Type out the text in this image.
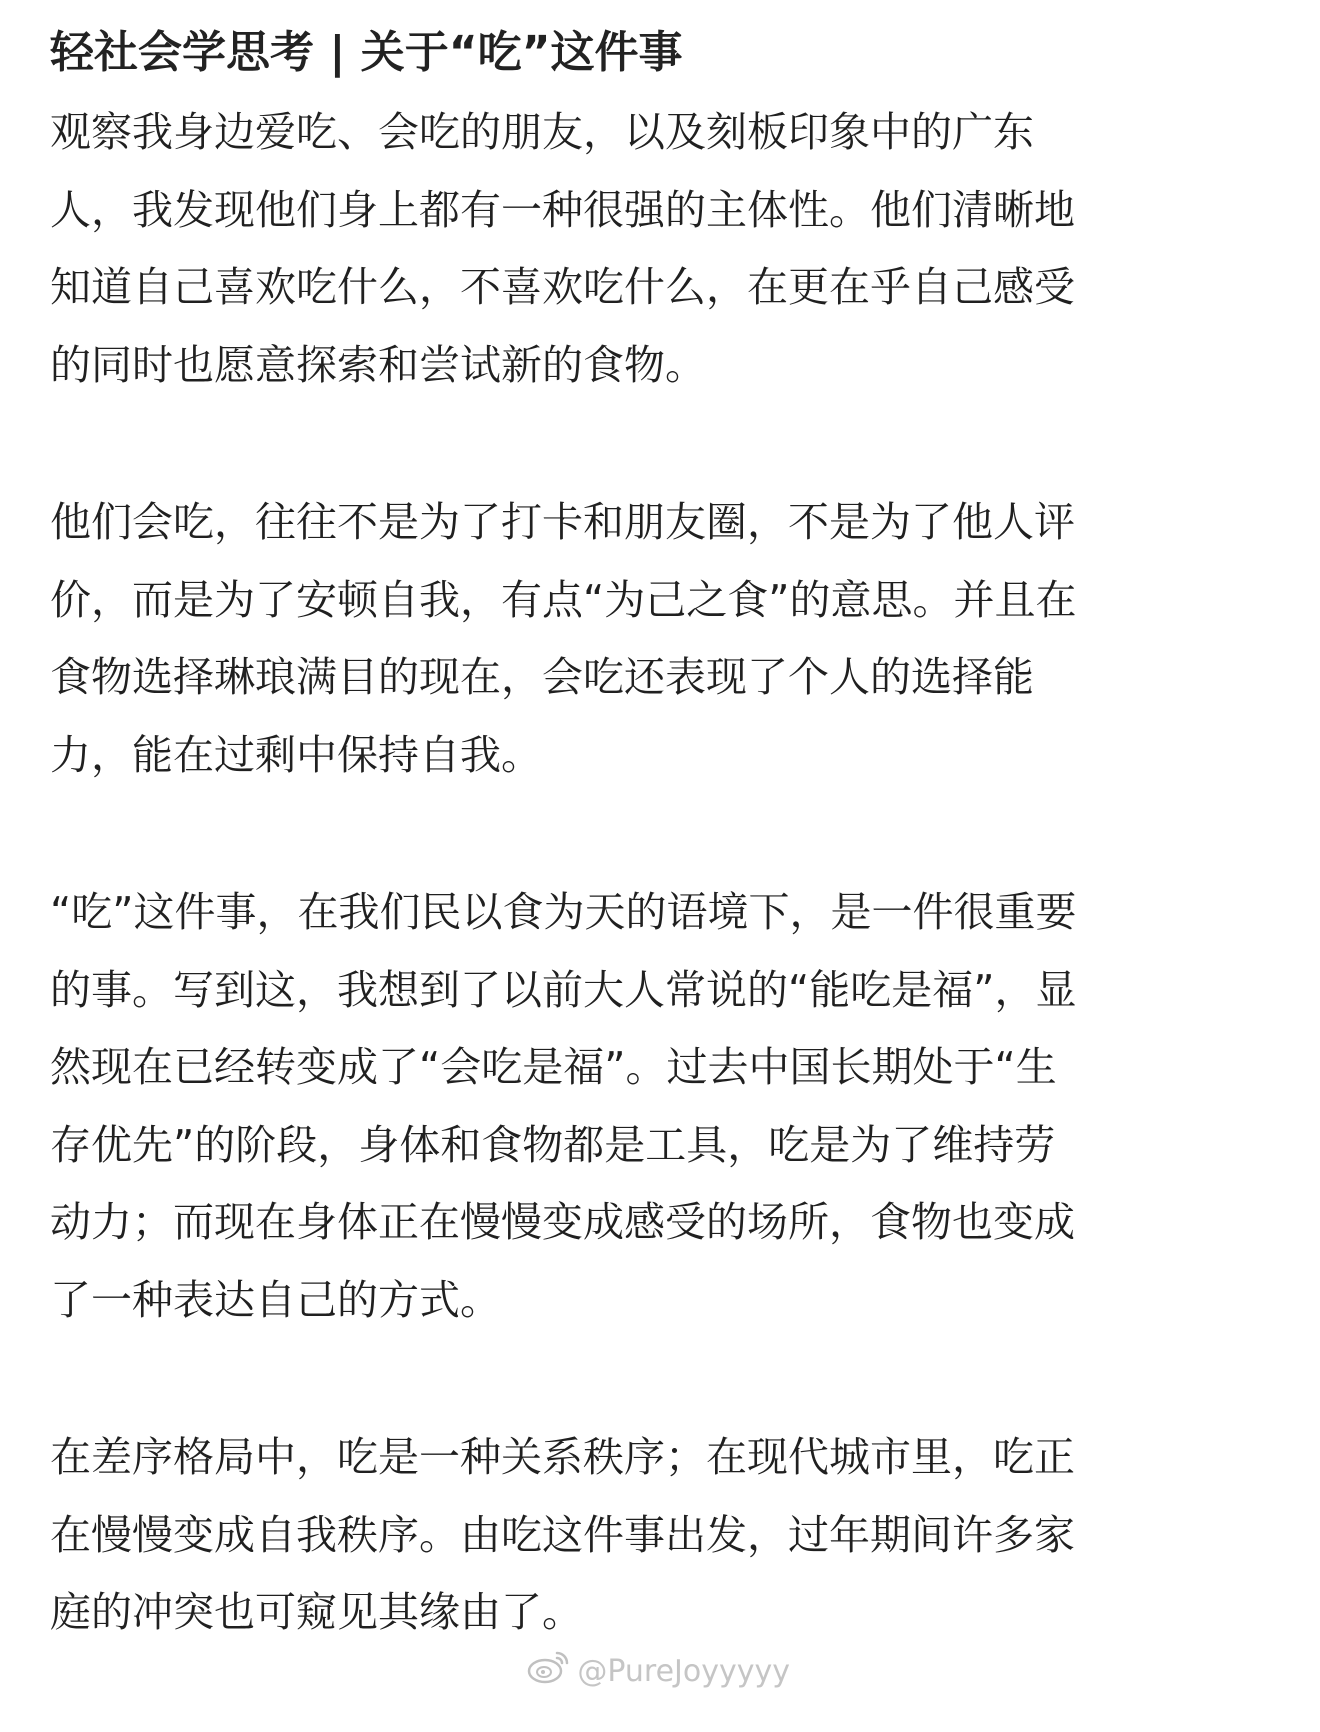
轻社会学思考 | 关于“吃”这件事
观察我身边爱吃、会吃的朋友，以及刻板印象中的广东
人，我发现他们身上都有一种很强的主体性。他们清晰地
知道自己喜欢吃什么，不喜欢吃什么，在更在乎自己感受
的同时也愿意探索和尝试新的食物。
他们会吃，往往不是为了打卡和朋友圈，不是为了他人评
价，而是为了安顿自我，有点“为己之食”的意思。并且在
食物选择琳琅满目的现在，会吃还表现了个人的选择能
力，能在过剩中保持自我。
“吃”这件事，在我们民以食为天的语境下，是一件很重要
的事。写到这，我想到了以前大人常说的“能吃是福”，显
然现在已经转变成了“会吃是福”。过去中国长期处于“生
存优先”的阶段，身体和食物都是工具，吃是为了维持劳
动力；而现在身体正在慢慢变成感受的场所，食物也变成
了一种表达自己的方式。
在差序格局中，吃是一种关系秩序；在现代城市里，吃正
在慢慢变成自我秩序。由吃这件事出发，过年期间许多家
庭的冲突也可窥见其缘由了。
@PureJoyyyyy
